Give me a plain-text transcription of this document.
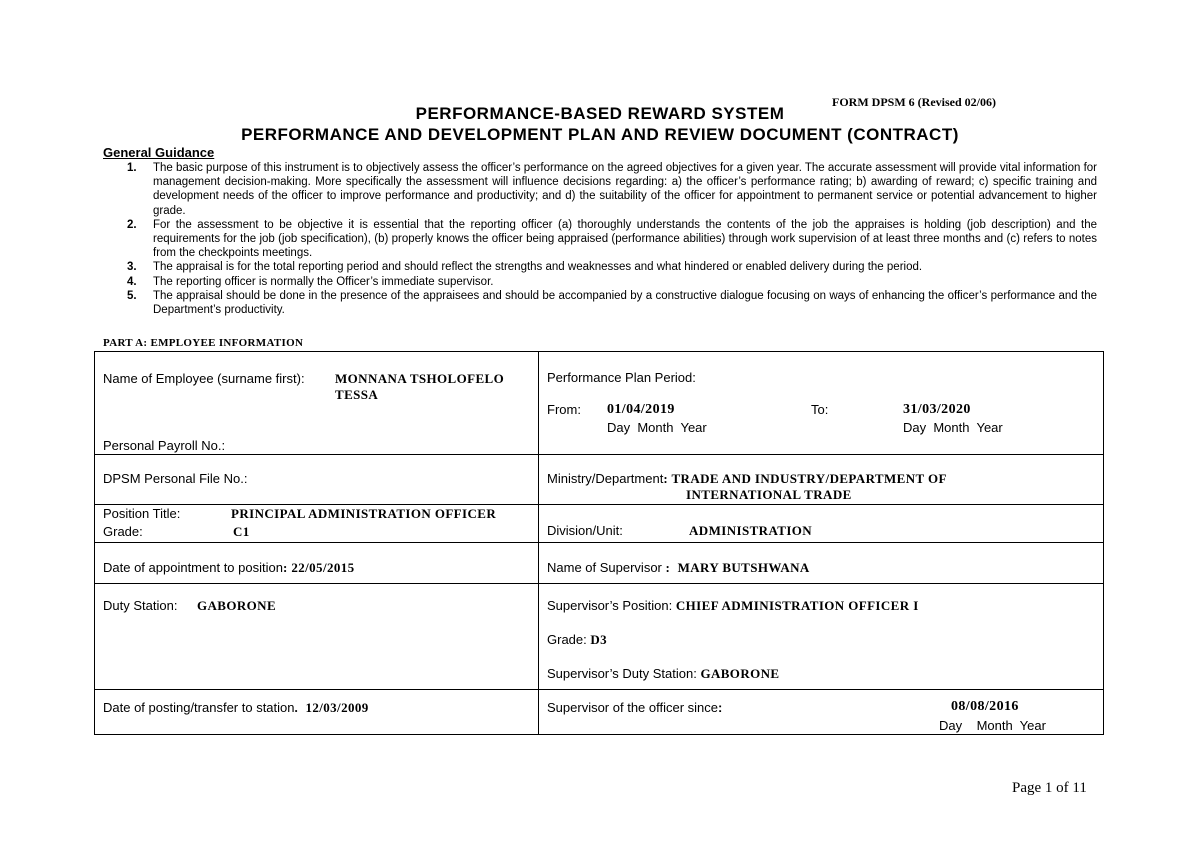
FORM DPSM 6 (Revised 02/06)
PERFORMANCE-BASED REWARD SYSTEM
PERFORMANCE AND DEVELOPMENT PLAN AND REVIEW DOCUMENT (CONTRACT)
General Guidance
1. The basic purpose of this instrument is to objectively assess the officer’s performance on the agreed objectives for a given year. The accurate assessment will provide vital information for management decision-making. More specifically the assessment will influence decisions regarding: a) the officer’s performance rating; b) awarding of reward; c) specific training and development needs of the officer to improve performance and productivity; and d) the suitability of the officer for appointment to permanent service or potential advancement to higher grade.
2. For the assessment to be objective it is essential that the reporting officer (a) thoroughly understands the contents of the job the appraises is holding (job description) and the requirements for the job (job specification), (b) properly knows the officer being appraised (performance abilities) through work supervision of at least three months and (c) refers to notes from the checkpoints meetings.
3. The appraisal is for the total reporting period and should reflect the strengths and weaknesses and what hindered or enabled delivery during the period.
4. The reporting officer is normally the Officer’s immediate supervisor.
5. The appraisal should be done in the presence of the appraisees and should be accompanied by a constructive dialogue focusing on ways of enhancing the officer’s performance and the Department’s productivity.
PART A: EMPLOYEE INFORMATION
Name of Employee (surname first): MONNANA TSHOLOFELO
TESSA
Personal Payroll No.:
Performance Plan Period:
From: 01/04/2019	To:	31/03/2020
Day  Month  Year	Day  Month  Year
DPSM Personal File No.:	Ministry/Department: TRADE AND INDUSTRY/DEPARTMENT OF
INTERNATIONAL TRADE
Position Title:	PRINCIPAL ADMINISTRATION OFFICER
Grade:	C1	Division/Unit:	ADMINISTRATION
Date of appointment to position: 22/05/2015	Name of Supervisor :  MARY BUTSHWANA
Duty Station: GABORONE	Supervisor’s Position: CHIEF ADMINISTRATION OFFICER I
Grade: D3
Supervisor’s Duty Station: GABORONE
Date of posting/transfer to station.  12/03/2009	Supervisor of the officer since:	08/08/2016
Day    Month  Year
Page 1 of 11
